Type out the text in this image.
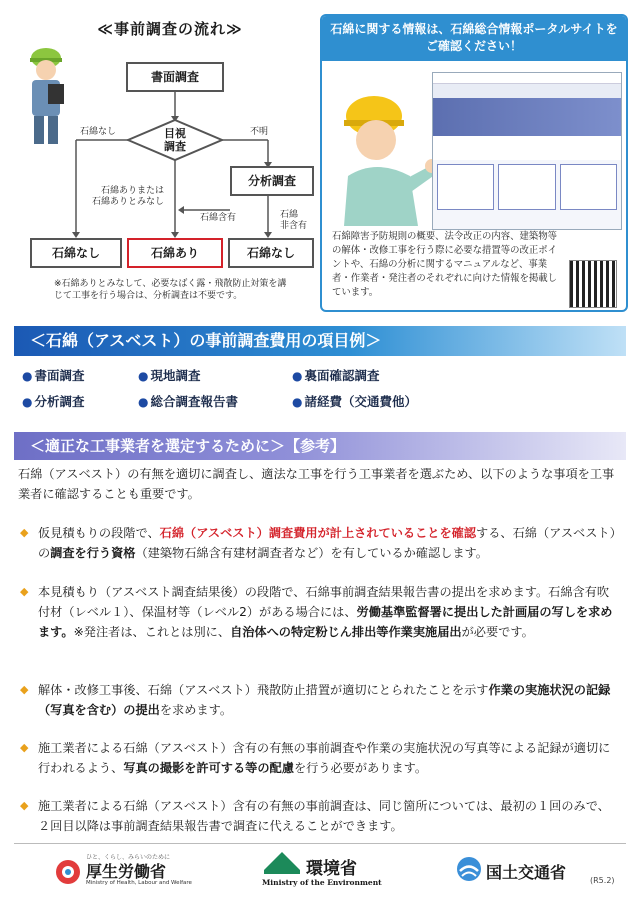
≪事前調査の流れ≫
書面調査
目視
調査
石綿なし	不明
分析調査
石綿ありまたは
石綿ありとみなし
石綿含有	石綿
非含有
石綿なし	石綿あり	石綿なし
※石綿ありとみなして、必要なばく露・飛散防止対策を講じて工事を行う場合は、分析調査は不要です。
石綿に関する情報は、石綿総合情報ポータルサイトをご確認ください！
石綿障害予防規則の概要、法令改正の内容、建築物等の解体・改修工事を行う際に必要な措置等の改正ポイントや、石綿の分析に関するマニュアルなど、事業者・作業者・発注者のそれぞれに向けた情報を掲載しています。
＜石綿（アスベスト）の事前調査費用の項目例＞
● 書面調査	● 現地調査	● 裏面確認調査
● 分析調査	● 総合調査報告書	● 諸経費（交通費他）
＜適正な工事業者を選定するために＞【参考】
石綿（アスベスト）の有無を適切に調査し、適法な工事を行う工事業者を選ぶため、以下のような事項を工事業者に確認することも重要です。
◆ 仮見積もりの段階で、石綿（アスベスト）調査費用が計上されていることを確認する、石綿（アスベスト）の調査を行う資格（建築物石綿含有建材調査者など）を有しているか確認します。
◆ 本見積もり（アスベスト調査結果後）の段階で、石綿事前調査結果報告書の提出を求めます。石綿含有吹付材（レベル１）、保温材等（レベル2）がある場合には、労働基準監督署に提出した計画届の写しを求めます。※発注者は、これとは別に、自治体への特定粉じん排出等作業実施届出が必要です。
◆ 解体・改修工事後、石綿（アスベスト）飛散防止措置が適切にとられたことを示す作業の実施状況の記録（写真を含む）の提出を求めます。
◆ 施工業者による石綿（アスベスト）含有の有無の事前調査や作業の実施状況の写真等による記録が適切に行われるよう、写真の撮影を許可する等の配慮を行う必要があります。
◆ 施工業者による石綿（アスベスト）含有の有無の事前調査は、同じ箇所については、最初の１回のみで、２回目以降は事前調査結果報告書で調査に代えることができます。
ひと、くらし、みらいのために
厚生労働省
Ministry of Health, Labour and Welfare
環境省
Ministry of the Environment
国土交通省	(R5.2)
